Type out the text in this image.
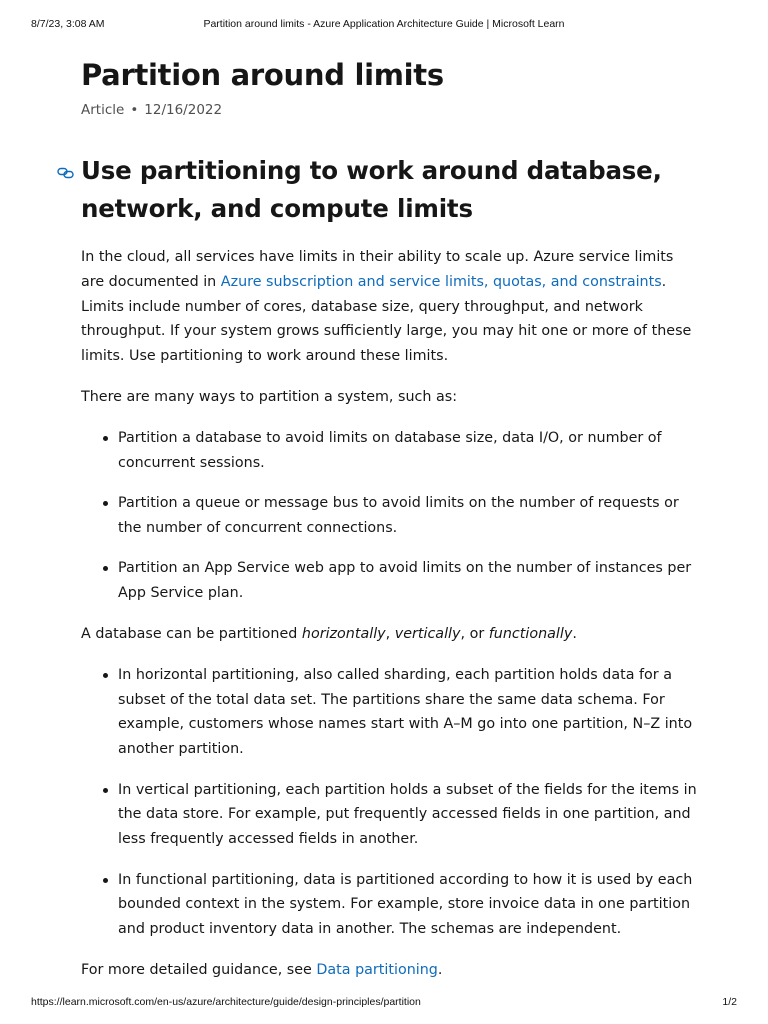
8/7/23, 3:08 AM	Partition around limits - Azure Application Architecture Guide | Microsoft Learn
Partition around limits
Article • 12/16/2022
Use partitioning to work around database, network, and compute limits

In the cloud, all services have limits in their ability to scale up. Azure service limits are documented in Azure subscription and service limits, quotas, and constraints. Limits include number of cores, database size, query throughput, and network throughput. If your system grows sufficiently large, you may hit one or more of these limits. Use partitioning to work around these limits.

There are many ways to partition a system, such as:

Partition a database to avoid limits on database size, data I/O, or number of concurrent sessions.
Partition a queue or message bus to avoid limits on the number of requests or the number of concurrent connections.
Partition an App Service web app to avoid limits on the number of instances per App Service plan.

A database can be partitioned horizontally, vertically, or functionally.

In horizontal partitioning, also called sharding, each partition holds data for a subset of the total data set. The partitions share the same data schema. For example, customers whose names start with A–M go into one partition, N–Z into another partition.
In vertical partitioning, each partition holds a subset of the fields for the items in the data store. For example, put frequently accessed fields in one partition, and less frequently accessed fields in another.
In functional partitioning, data is partitioned according to how it is used by each bounded context in the system. For example, store invoice data in one partition and product inventory data in another. The schemas are independent.

For more detailed guidance, see Data partitioning.

https://learn.microsoft.com/en-us/azure/architecture/guide/design-principles/partition	1/2
